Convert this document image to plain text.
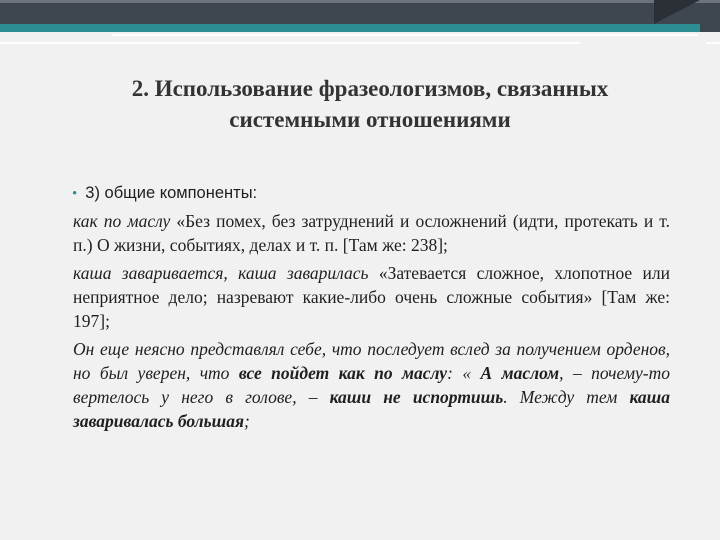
2. Использование фразеологизмов, связанных
системными отношениями
• 3) общие компоненты:

как по маслу «Без помех, без затруднений и осложнений (идти, протекать и т. п.) О жизни, событиях, делах и т. п. [Там же: 238];

каша заваривается, каша заварилась «Затевается сложное, хлопотное или неприятное дело; назревают какие-либо очень сложные события» [Там же: 197];

Он еще неясно представлял себе, что последует вслед за получением орденов, но был уверен, что все пойдет как по маслу: « А маслом, – почему-то вертелось у него в голове, – каши не испортишь. Между тем каша заваривалась большая;
